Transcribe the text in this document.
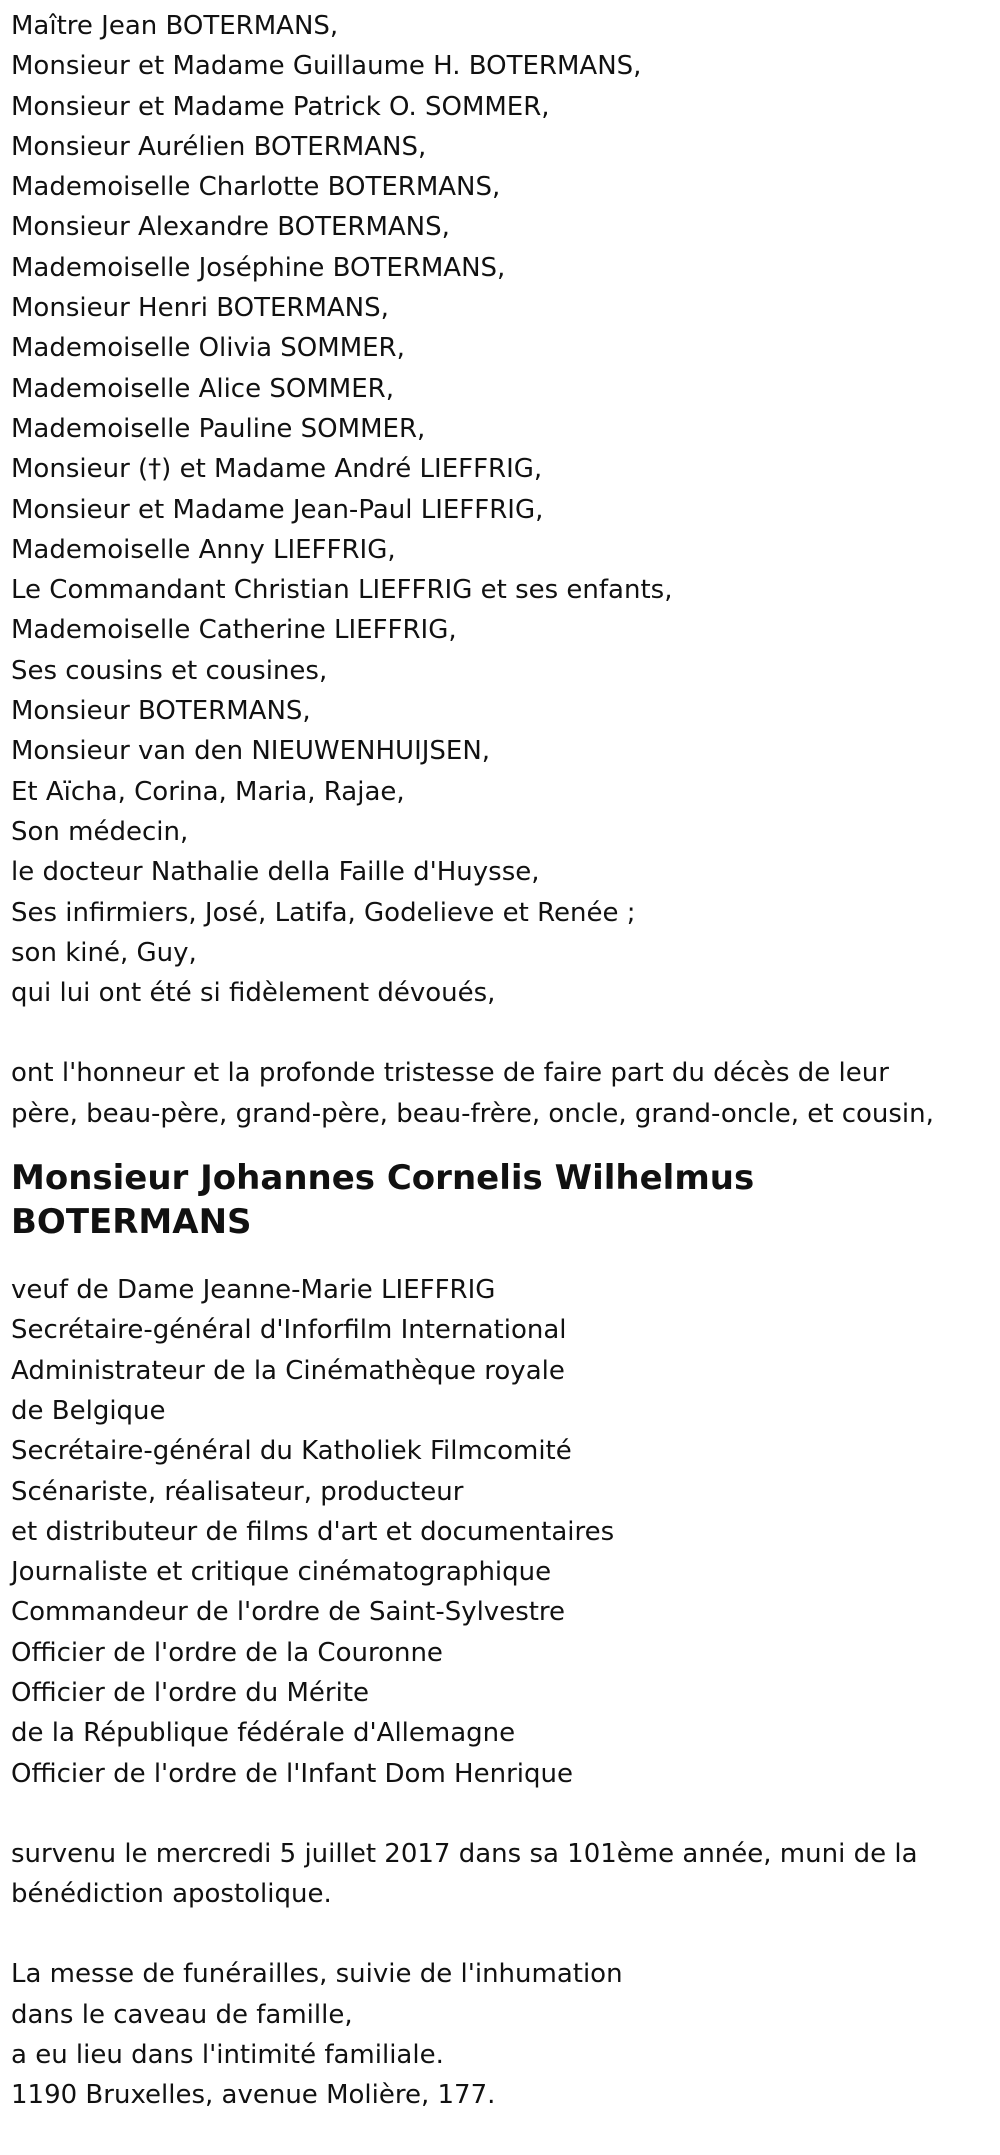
Maître Jean BOTERMANS,
Monsieur et Madame Guillaume H. BOTERMANS,
Monsieur et Madame Patrick O. SOMMER,
Monsieur Aurélien BOTERMANS,
Mademoiselle Charlotte BOTERMANS,
Monsieur Alexandre BOTERMANS,
Mademoiselle Joséphine BOTERMANS,
Monsieur Henri BOTERMANS,
Mademoiselle Olivia SOMMER,
Mademoiselle Alice SOMMER,
Mademoiselle Pauline SOMMER,
Monsieur (†) et Madame André LIEFFRIG,
Monsieur et Madame Jean-Paul LIEFFRIG,
Mademoiselle Anny LIEFFRIG,
Le Commandant Christian LIEFFRIG et ses enfants,
Mademoiselle Catherine LIEFFRIG,
Ses cousins et cousines,
Monsieur BOTERMANS,
Monsieur van den NIEUWENHUIJSEN,
Et Aïcha, Corina, Maria, Rajae,
Son médecin,
le docteur Nathalie della Faille d'Huysse,
Ses infirmiers, José, Latifa, Godelieve et Renée ;
son kiné, Guy,
qui lui ont été si fidèlement dévoués,
ont l'honneur et la profonde tristesse de faire part du décès de leur
père, beau-père, grand-père, beau-frère, oncle, grand-oncle, et cousin,
Monsieur Johannes Cornelis Wilhelmus
BOTERMANS
veuf de Dame Jeanne-Marie LIEFFRIG
Secrétaire-général d'Inforfilm International
Administrateur de la Cinémathèque royale
de Belgique
Secrétaire-général du Katholiek Filmcomité
Scénariste, réalisateur, producteur
et distributeur de films d'art et documentaires
Journaliste et critique cinématographique
Commandeur de l'ordre de Saint-Sylvestre
Officier de l'ordre de la Couronne
Officier de l'ordre du Mérite
de la République fédérale d'Allemagne
Officier de l'ordre de l'Infant Dom Henrique
survenu le mercredi 5 juillet 2017 dans sa 101ème année, muni de la
bénédiction apostolique.
La messe de funérailles, suivie de l'inhumation
dans le caveau de famille,
a eu lieu dans l'intimité familiale.
1190 Bruxelles, avenue Molière, 177.
